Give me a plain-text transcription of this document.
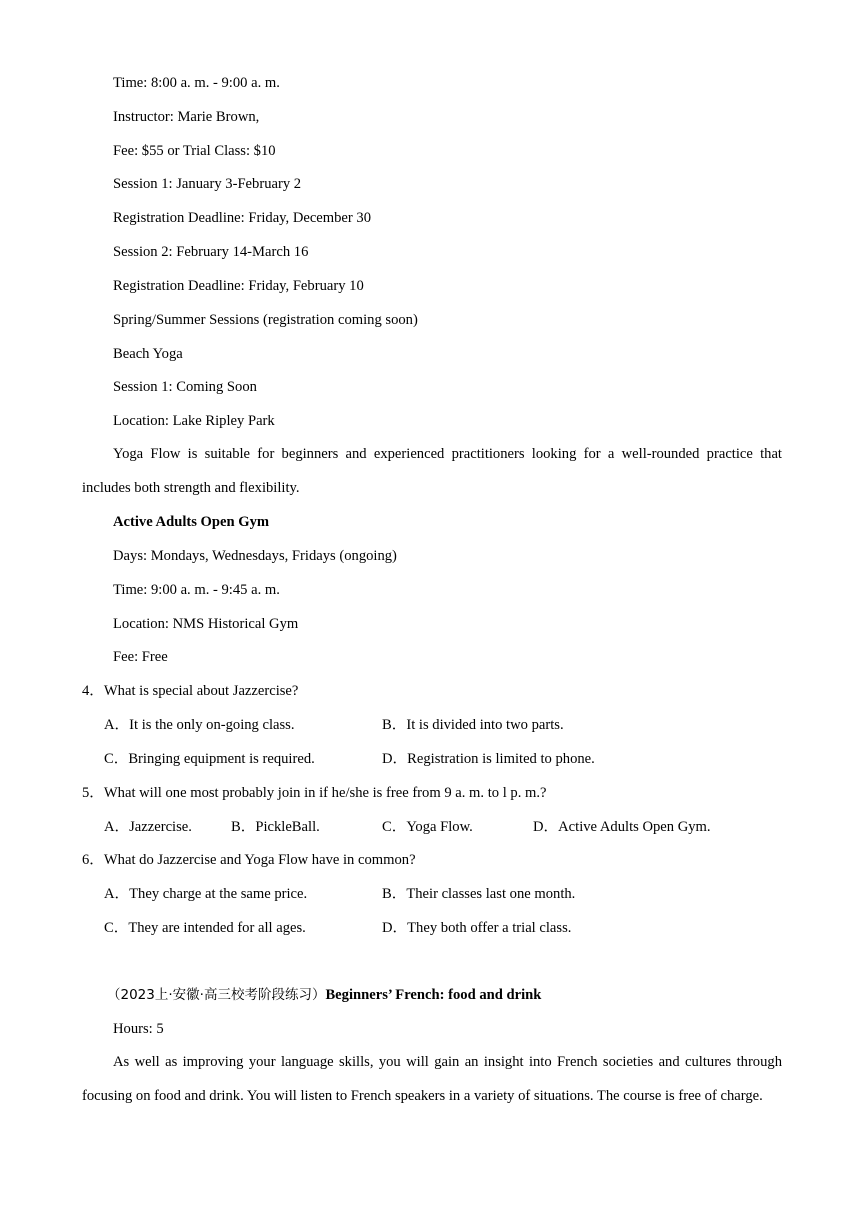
Time: 8:00 a. m. - 9:00 a. m.
Instructor: Marie Brown,
Fee: $55 or Trial Class: $10
Session 1: January 3-February 2
Registration Deadline: Friday, December 30
Session 2: February 14-March 16
Registration Deadline: Friday, February 10
Spring/Summer Sessions (registration coming soon)
Beach Yoga
Session 1: Coming Soon
Location: Lake Ripley Park
Yoga Flow is suitable for beginners and experienced practitioners looking for a well-rounded practice that includes both strength and flexibility.
Active Adults Open Gym
Days: Mondays, Wednesdays, Fridays (ongoing)
Time: 9:00 a. m. - 9:45 a. m.
Location: NMS Historical Gym
Fee: Free
4．What is special about Jazzercise?
A．It is the only on-going class.	B．It is divided into two parts.
C．Bringing equipment is required.	D．Registration is limited to phone.
5．What will one most probably join in if he/she is free from 9 a. m. to l p. m.?
A．Jazzercise.	B．PickleBall.	C．Yoga Flow.	D．Active Adults Open Gym.
6．What do Jazzercise and Yoga Flow have in common?
A．They charge at the same price.	B．Their classes last one month.
C．They are intended for all ages.	D．They both offer a trial class.
（2023上·安徽·高三校考阶段练习）Beginners’ French: food and drink
Hours: 5
As well as improving your language skills, you will gain an insight into French societies and cultures through focusing on food and drink. You will listen to French speakers in a variety of situations. The course is free of charge.
